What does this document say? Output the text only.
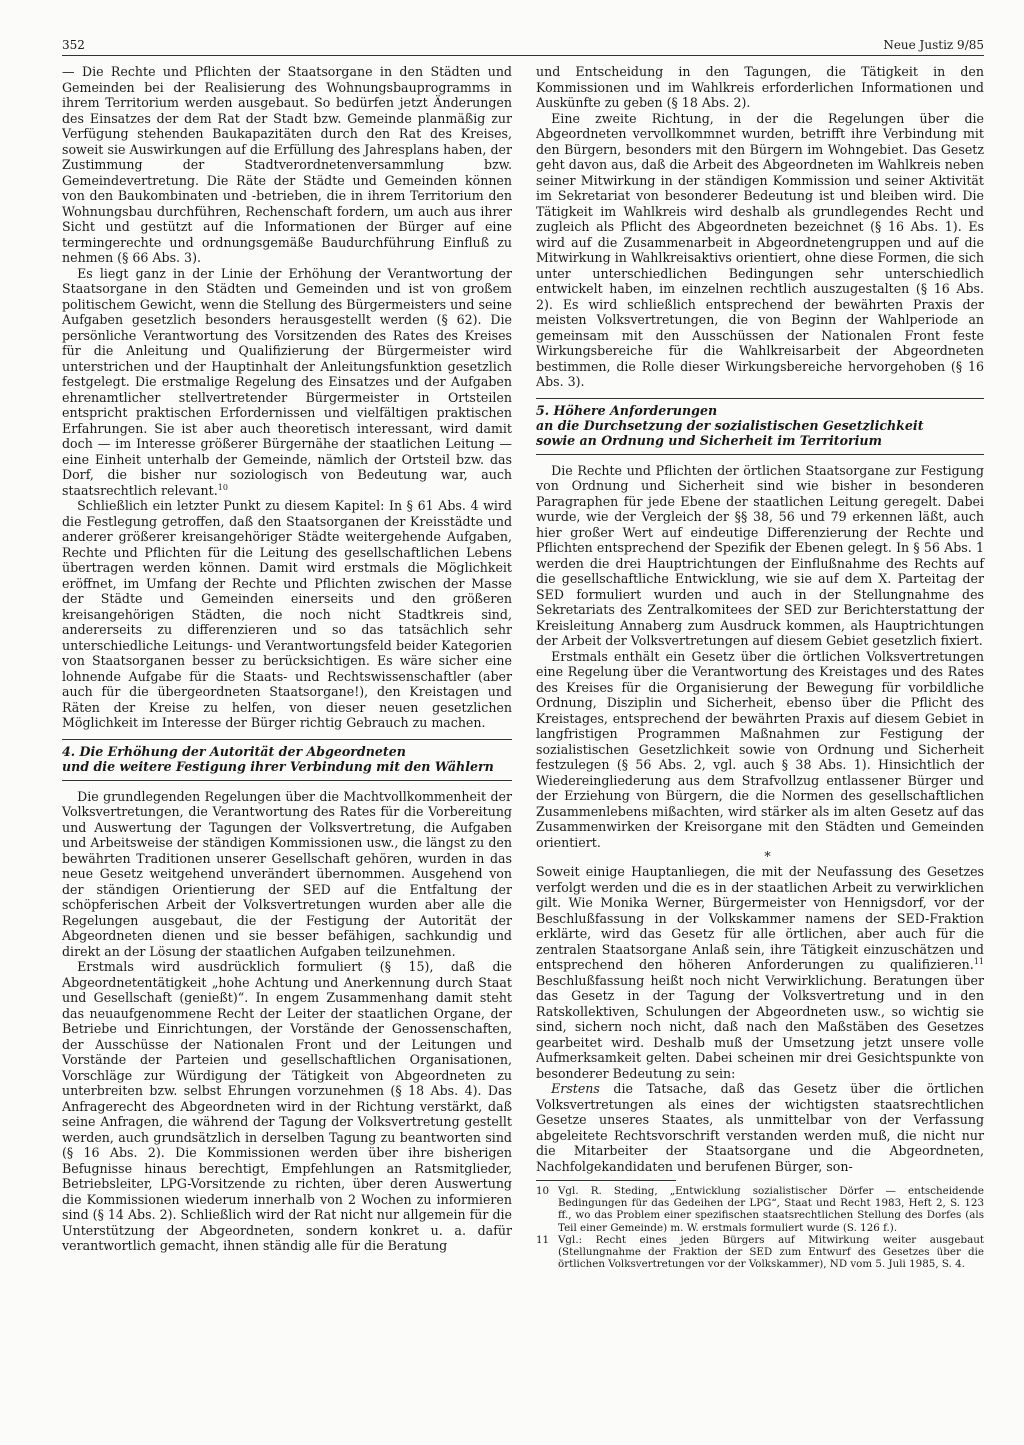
352	Neue Justiz 9/85

— Die Rechte und Pflichten der Staatsorgane in den Städten und Gemeinden bei der Realisierung des Wohnungsbauprogramms in ihrem Territorium werden ausgebaut. So bedürfen jetzt Änderungen des Einsatzes der dem Rat der Stadt bzw. Gemeinde planmäßig zur Verfügung stehenden Baukapazitäten durch den Rat des Kreises, soweit sie Auswirkungen auf die Erfüllung des Jahresplans haben, der Zustimmung der Stadtverordnetenversammlung bzw. Gemeindevertretung. Die Räte der Städte und Gemeinden können von den Baukombinaten und -betrieben, die in ihrem Territorium den Wohnungsbau durchführen, Rechenschaft fordern, um auch aus ihrer Sicht und gestützt auf die Informationen der Bürger auf eine termingerechte und ordnungsgemäße Baudurchführung Einfluß zu nehmen (§ 66 Abs. 3).

Es liegt ganz in der Linie der Erhöhung der Verantwortung der Staatsorgane in den Städten und Gemeinden und ist von großem politischem Gewicht, wenn die Stellung des Bürgermeisters und seine Aufgaben gesetzlich besonders herausgestellt werden (§ 62). Die persönliche Verantwortung des Vorsitzenden des Rates des Kreises für die Anleitung und Qualifizierung der Bürgermeister wird unterstrichen und der Hauptinhalt der Anleitungsfunktion gesetzlich festgelegt. Die erstmalige Regelung des Einsatzes und der Aufgaben ehrenamtlicher stellvertretender Bürgermeister in Ortsteilen entspricht praktischen Erfordernissen und vielfältigen praktischen Erfahrungen. Sie ist aber auch theoretisch interessant, wird damit doch — im Interesse größerer Bürgernähe der staatlichen Leitung — eine Einheit unterhalb der Gemeinde, nämlich der Ortsteil bzw. das Dorf, die bisher nur soziologisch von Bedeutung war, auch staatsrechtlich relevant.$^{10}$

Schließlich ein letzter Punkt zu diesem Kapitel: In § 61 Abs. 4 wird die Festlegung getroffen, daß den Staatsorganen der Kreisstädte und anderer größerer kreisangehöriger Städte weitergehende Aufgaben, Rechte und Pflichten für die Leitung des gesellschaftlichen Lebens übertragen werden können. Damit wird erstmals die Möglichkeit eröffnet, im Umfang der Rechte und Pflichten zwischen der Masse der Städte und Gemeinden einerseits und den größeren kreisangehörigen Städten, die noch nicht Stadtkreis sind, andererseits zu differenzieren und so das tatsächlich sehr unterschiedliche Leitungs- und Verantwortungsfeld beider Kategorien von Staatsorganen besser zu berücksichtigen. Es wäre sicher eine lohnende Aufgabe für die Staats- und Rechtswissenschaftler (aber auch für die übergeordneten Staatsorgane!), den Kreistagen und Räten der Kreise zu helfen, von dieser neuen gesetzlichen Möglichkeit im Interesse der Bürger richtig Gebrauch zu machen.

4. Die Erhöhung der Autorität der Abgeordneten
und die weitere Festigung ihrer Verbindung mit den Wählern

Die grundlegenden Regelungen über die Machtvollkommenheit der Volksvertretungen, die Verantwortung des Rates für die Vorbereitung und Auswertung der Tagungen der Volksvertretung, die Aufgaben und Arbeitsweise der ständigen Kommissionen usw., die längst zu den bewährten Traditionen unserer Gesellschaft gehören, wurden in das neue Gesetz weitgehend unverändert übernommen. Ausgehend von der ständigen Orientierung der SED auf die Entfaltung der schöpferischen Arbeit der Volksvertretungen wurden aber alle die Regelungen ausgebaut, die der Festigung der Autorität der Abgeordneten dienen und sie besser befähigen, sachkundig und direkt an der Lösung der staatlichen Aufgaben teilzunehmen.

Erstmals wird ausdrücklich formuliert (§ 15), daß die Abgeordnetentätigkeit „hohe Achtung und Anerkennung durch Staat und Gesellschaft (genießt)“. In engem Zusammenhang damit steht das neuaufgenommene Recht der Leiter der staatlichen Organe, der Betriebe und Einrichtungen, der Vorstände der Genossenschaften, der Ausschüsse der Nationalen Front und der Leitungen und Vorstände der Parteien und gesellschaftlichen Organisationen, Vorschläge zur Würdigung der Tätigkeit von Abgeordneten zu unterbreiten bzw. selbst Ehrungen vorzunehmen (§ 18 Abs. 4). Das Anfragerecht des Abgeordneten wird in der Richtung verstärkt, daß seine Anfragen, die während der Tagung der Volksvertretung gestellt werden, auch grundsätzlich in derselben Tagung zu beantworten sind (§ 16 Abs. 2). Die Kommissionen werden über ihre bisherigen Befugnisse hinaus berechtigt, Empfehlungen an Ratsmitglieder, Betriebsleiter, LPG-Vorsitzende zu richten, über deren Auswertung die Kommissionen wiederum innerhalb von 2 Wochen zu informieren sind (§ 14 Abs. 2). Schließlich wird der Rat nicht nur allgemein für die Unterstützung der Abgeordneten, sondern konkret u. a. dafür verantwortlich gemacht, ihnen ständig alle für die Beratung

und Entscheidung in den Tagungen, die Tätigkeit in den Kommissionen und im Wahlkreis erforderlichen Informationen und Auskünfte zu geben (§ 18 Abs. 2).

Eine zweite Richtung, in der die Regelungen über die Abgeordneten vervollkommnet wurden, betrifft ihre Verbindung mit den Bürgern, besonders mit den Bürgern im Wohngebiet. Das Gesetz geht davon aus, daß die Arbeit des Abgeordneten im Wahlkreis neben seiner Mitwirkung in der ständigen Kommission und seiner Aktivität im Sekretariat von besonderer Bedeutung ist und bleiben wird. Die Tätigkeit im Wahlkreis wird deshalb als grundlegendes Recht und zugleich als Pflicht des Abgeordneten bezeichnet (§ 16 Abs. 1). Es wird auf die Zusammenarbeit in Abgeordnetengruppen und auf die Mitwirkung in Wahlkreisaktivs orientiert, ohne diese Formen, die sich unter unterschiedlichen Bedingungen sehr unterschiedlich entwickelt haben, im einzelnen rechtlich auszugestalten (§ 16 Abs. 2). Es wird schließlich entsprechend der bewährten Praxis der meisten Volksvertretungen, die von Beginn der Wahlperiode an gemeinsam mit den Ausschüssen der Nationalen Front feste Wirkungsbereiche für die Wahlkreisarbeit der Abgeordneten bestimmen, die Rolle dieser Wirkungsbereiche hervorgehoben (§ 16 Abs. 3).

5. Höhere Anforderungen
an die Durchsetzung der sozialistischen Gesetzlichkeit
sowie an Ordnung und Sicherheit im Territorium

Die Rechte und Pflichten der örtlichen Staatsorgane zur Festigung von Ordnung und Sicherheit sind wie bisher in besonderen Paragraphen für jede Ebene der staatlichen Leitung geregelt. Dabei wurde, wie der Vergleich der §§ 38, 56 und 79 erkennen läßt, auch hier großer Wert auf eindeutige Differenzierung der Rechte und Pflichten entsprechend der Spezifik der Ebenen gelegt. In § 56 Abs. 1 werden die drei Hauptrichtungen der Einflußnahme des Rechts auf die gesellschaftliche Entwicklung, wie sie auf dem X. Parteitag der SED formuliert wurden und auch in der Stellungnahme des Sekretariats des Zentralkomitees der SED zur Berichterstattung der Kreisleitung Annaberg zum Ausdruck kommen, als Hauptrichtungen der Arbeit der Volksvertretungen auf diesem Gebiet gesetzlich fixiert.

Erstmals enthält ein Gesetz über die örtlichen Volksvertretungen eine Regelung über die Verantwortung des Kreistages und des Rates des Kreises für die Organisierung der Bewegung für vorbildliche Ordnung, Disziplin und Sicherheit, ebenso über die Pflicht des Kreistages, entsprechend der bewährten Praxis auf diesem Gebiet in langfristigen Programmen Maßnahmen zur Festigung der sozialistischen Gesetzlichkeit sowie von Ordnung und Sicherheit festzulegen (§ 56 Abs. 2, vgl. auch § 38 Abs. 1). Hinsichtlich der Wiedereingliederung aus dem Strafvollzug entlassener Bürger und der Erziehung von Bürgern, die die Normen des gesellschaftlichen Zusammenlebens mißachten, wird stärker als im alten Gesetz auf das Zusammenwirken der Kreisorgane mit den Städten und Gemeinden orientiert.

*

Soweit einige Hauptanliegen, die mit der Neufassung des Gesetzes verfolgt werden und die es in der staatlichen Arbeit zu verwirklichen gilt. Wie Monika Werner, Bürgermeister von Hennigsdorf, vor der Beschlußfassung in der Volkskammer namens der SED-Fraktion erklärte, wird das Gesetz für alle örtlichen, aber auch für die zentralen Staatsorgane Anlaß sein, ihre Tätigkeit einzuschätzen und entsprechend den höheren Anforderungen zu qualifizieren.$^{11}$ Beschlußfassung heißt noch nicht Verwirklichung. Beratungen über das Gesetz in der Tagung der Volksvertretung und in den Ratskollektiven, Schulungen der Abgeordneten usw., so wichtig sie sind, sichern noch nicht, daß nach den Maßstäben des Gesetzes gearbeitet wird. Deshalb muß der Umsetzung jetzt unsere volle Aufmerksamkeit gelten. Dabei scheinen mir drei Gesichtspunkte von besonderer Bedeutung zu sein:

Erstens die Tatsache, daß das Gesetz über die örtlichen Volksvertretungen als eines der wichtigsten staatsrechtlichen Gesetze unseres Staates, als unmittelbar von der Verfassung abgeleitete Rechtsvorschrift verstanden werden muß, die nicht nur die Mitarbeiter der Staatsorgane und die Abgeordneten, Nachfolgekandidaten und berufenen Bürger, son-

10 Vgl. R. Steding, „Entwicklung sozialistischer Dörfer — entscheidende Bedingungen für das Gedeihen der LPG“, Staat und Recht 1983, Heft 2, S. 123 ff., wo das Problem einer spezifischen staatsrechtlichen Stellung des Dorfes (als Teil einer Gemeinde) m. W. erstmals formuliert wurde (S. 126 f.).
11 Vgl.: Recht eines jeden Bürgers auf Mitwirkung weiter ausgebaut (Stellungnahme der Fraktion der SED zum Entwurf des Gesetzes über die örtlichen Volksvertretungen vor der Volkskammer), ND vom 5. Juli 1985, S. 4.
